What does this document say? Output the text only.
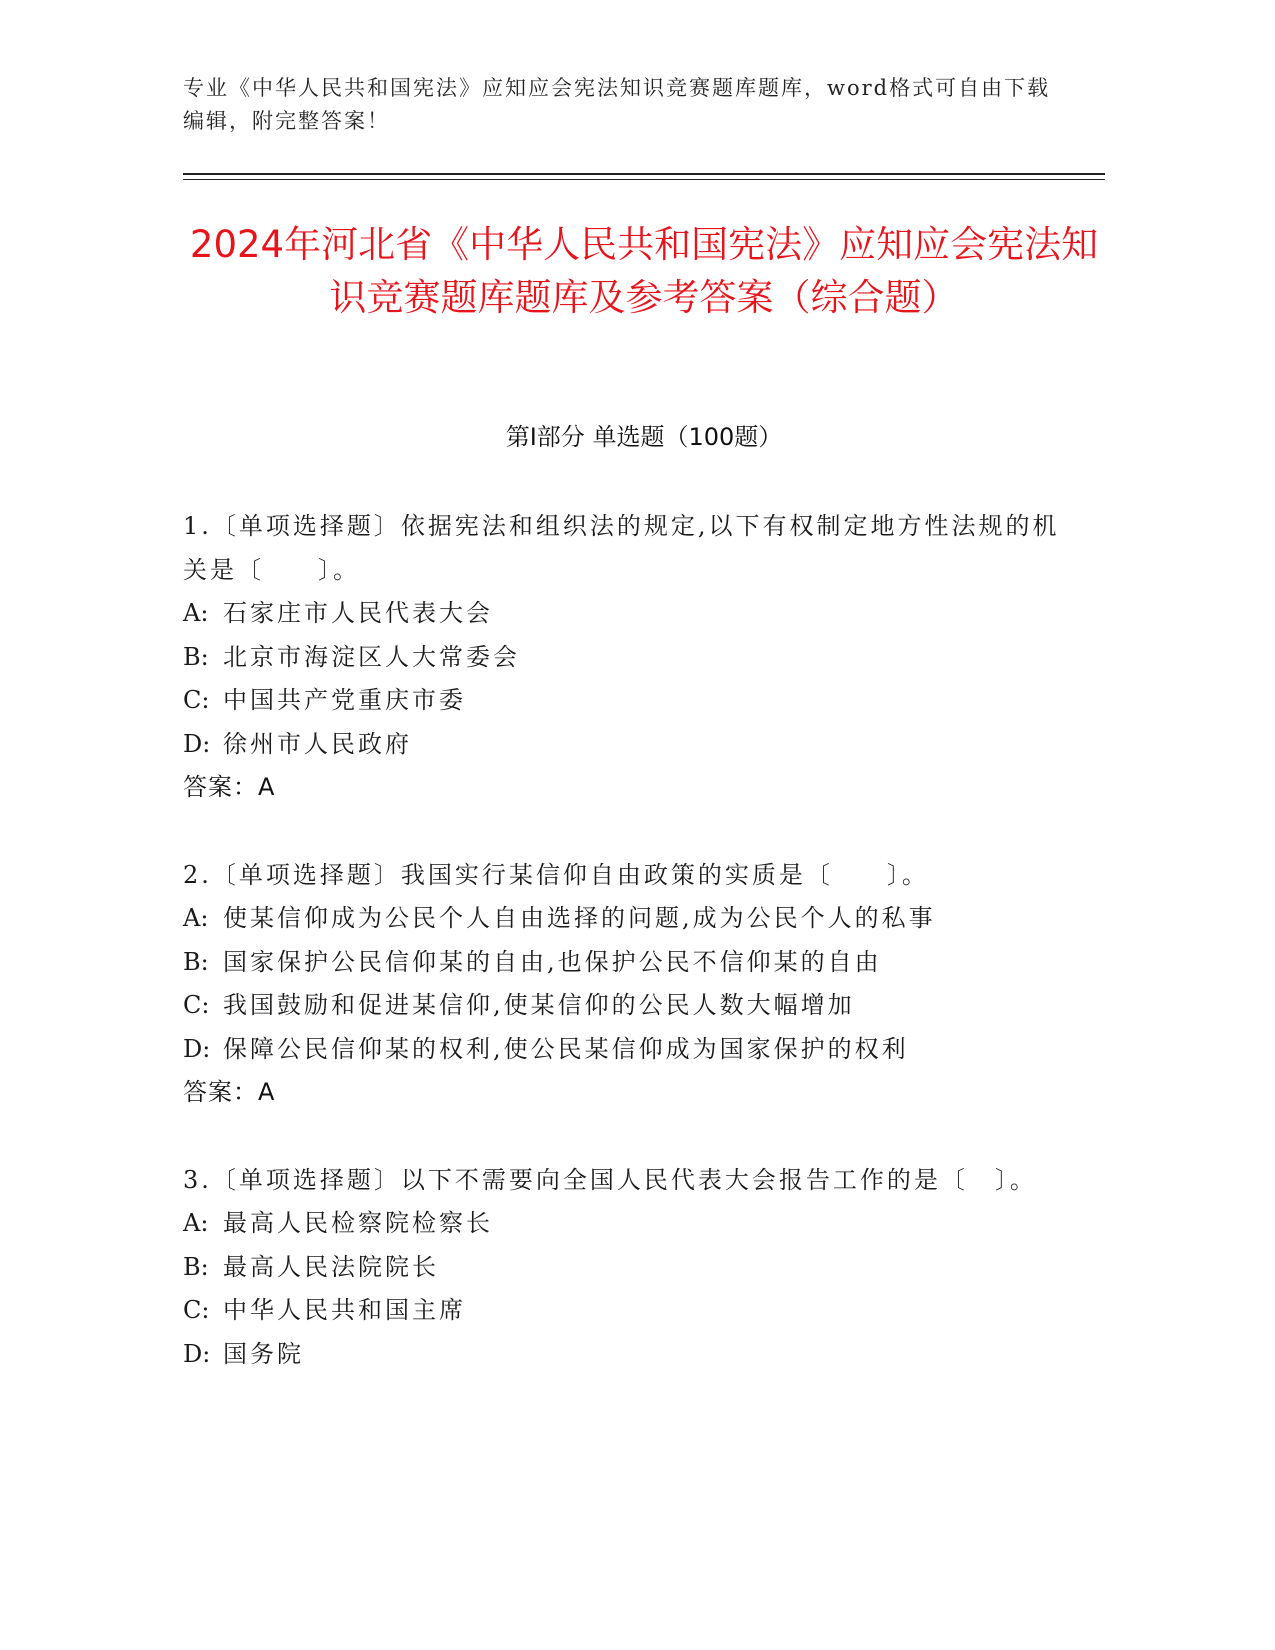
专业《中华人民共和国宪法》应知应会宪法知识竞赛题库题库，word格式可自由下载编辑，附完整答案！
2024年河北省《中华人民共和国宪法》应知应会宪法知识竞赛题库题库及参考答案（综合题）
第I部分 单选题（100题）

1.〔单项选择题〕依据宪法和组织法的规定,以下有权制定地方性法规的机关是〔　　〕。

A: 石家庄市人民代表大会

B: 北京市海淀区人大常委会

C: 中国共产党重庆市委

D: 徐州市人民政府

答案：A

2.〔单项选择题〕我国实行某信仰自由政策的实质是〔　　〕。

A: 使某信仰成为公民个人自由选择的问题,成为公民个人的私事

B: 国家保护公民信仰某的自由,也保护公民不信仰某的自由

C: 我国鼓励和促进某信仰,使某信仰的公民人数大幅增加

D: 保障公民信仰某的权利,使公民某信仰成为国家保护的权利

答案：A

3.〔单项选择题〕以下不需要向全国人民代表大会报告工作的是〔　〕。

A: 最高人民检察院检察长

B: 最高人民法院院长

C: 中华人民共和国主席

D: 国务院
